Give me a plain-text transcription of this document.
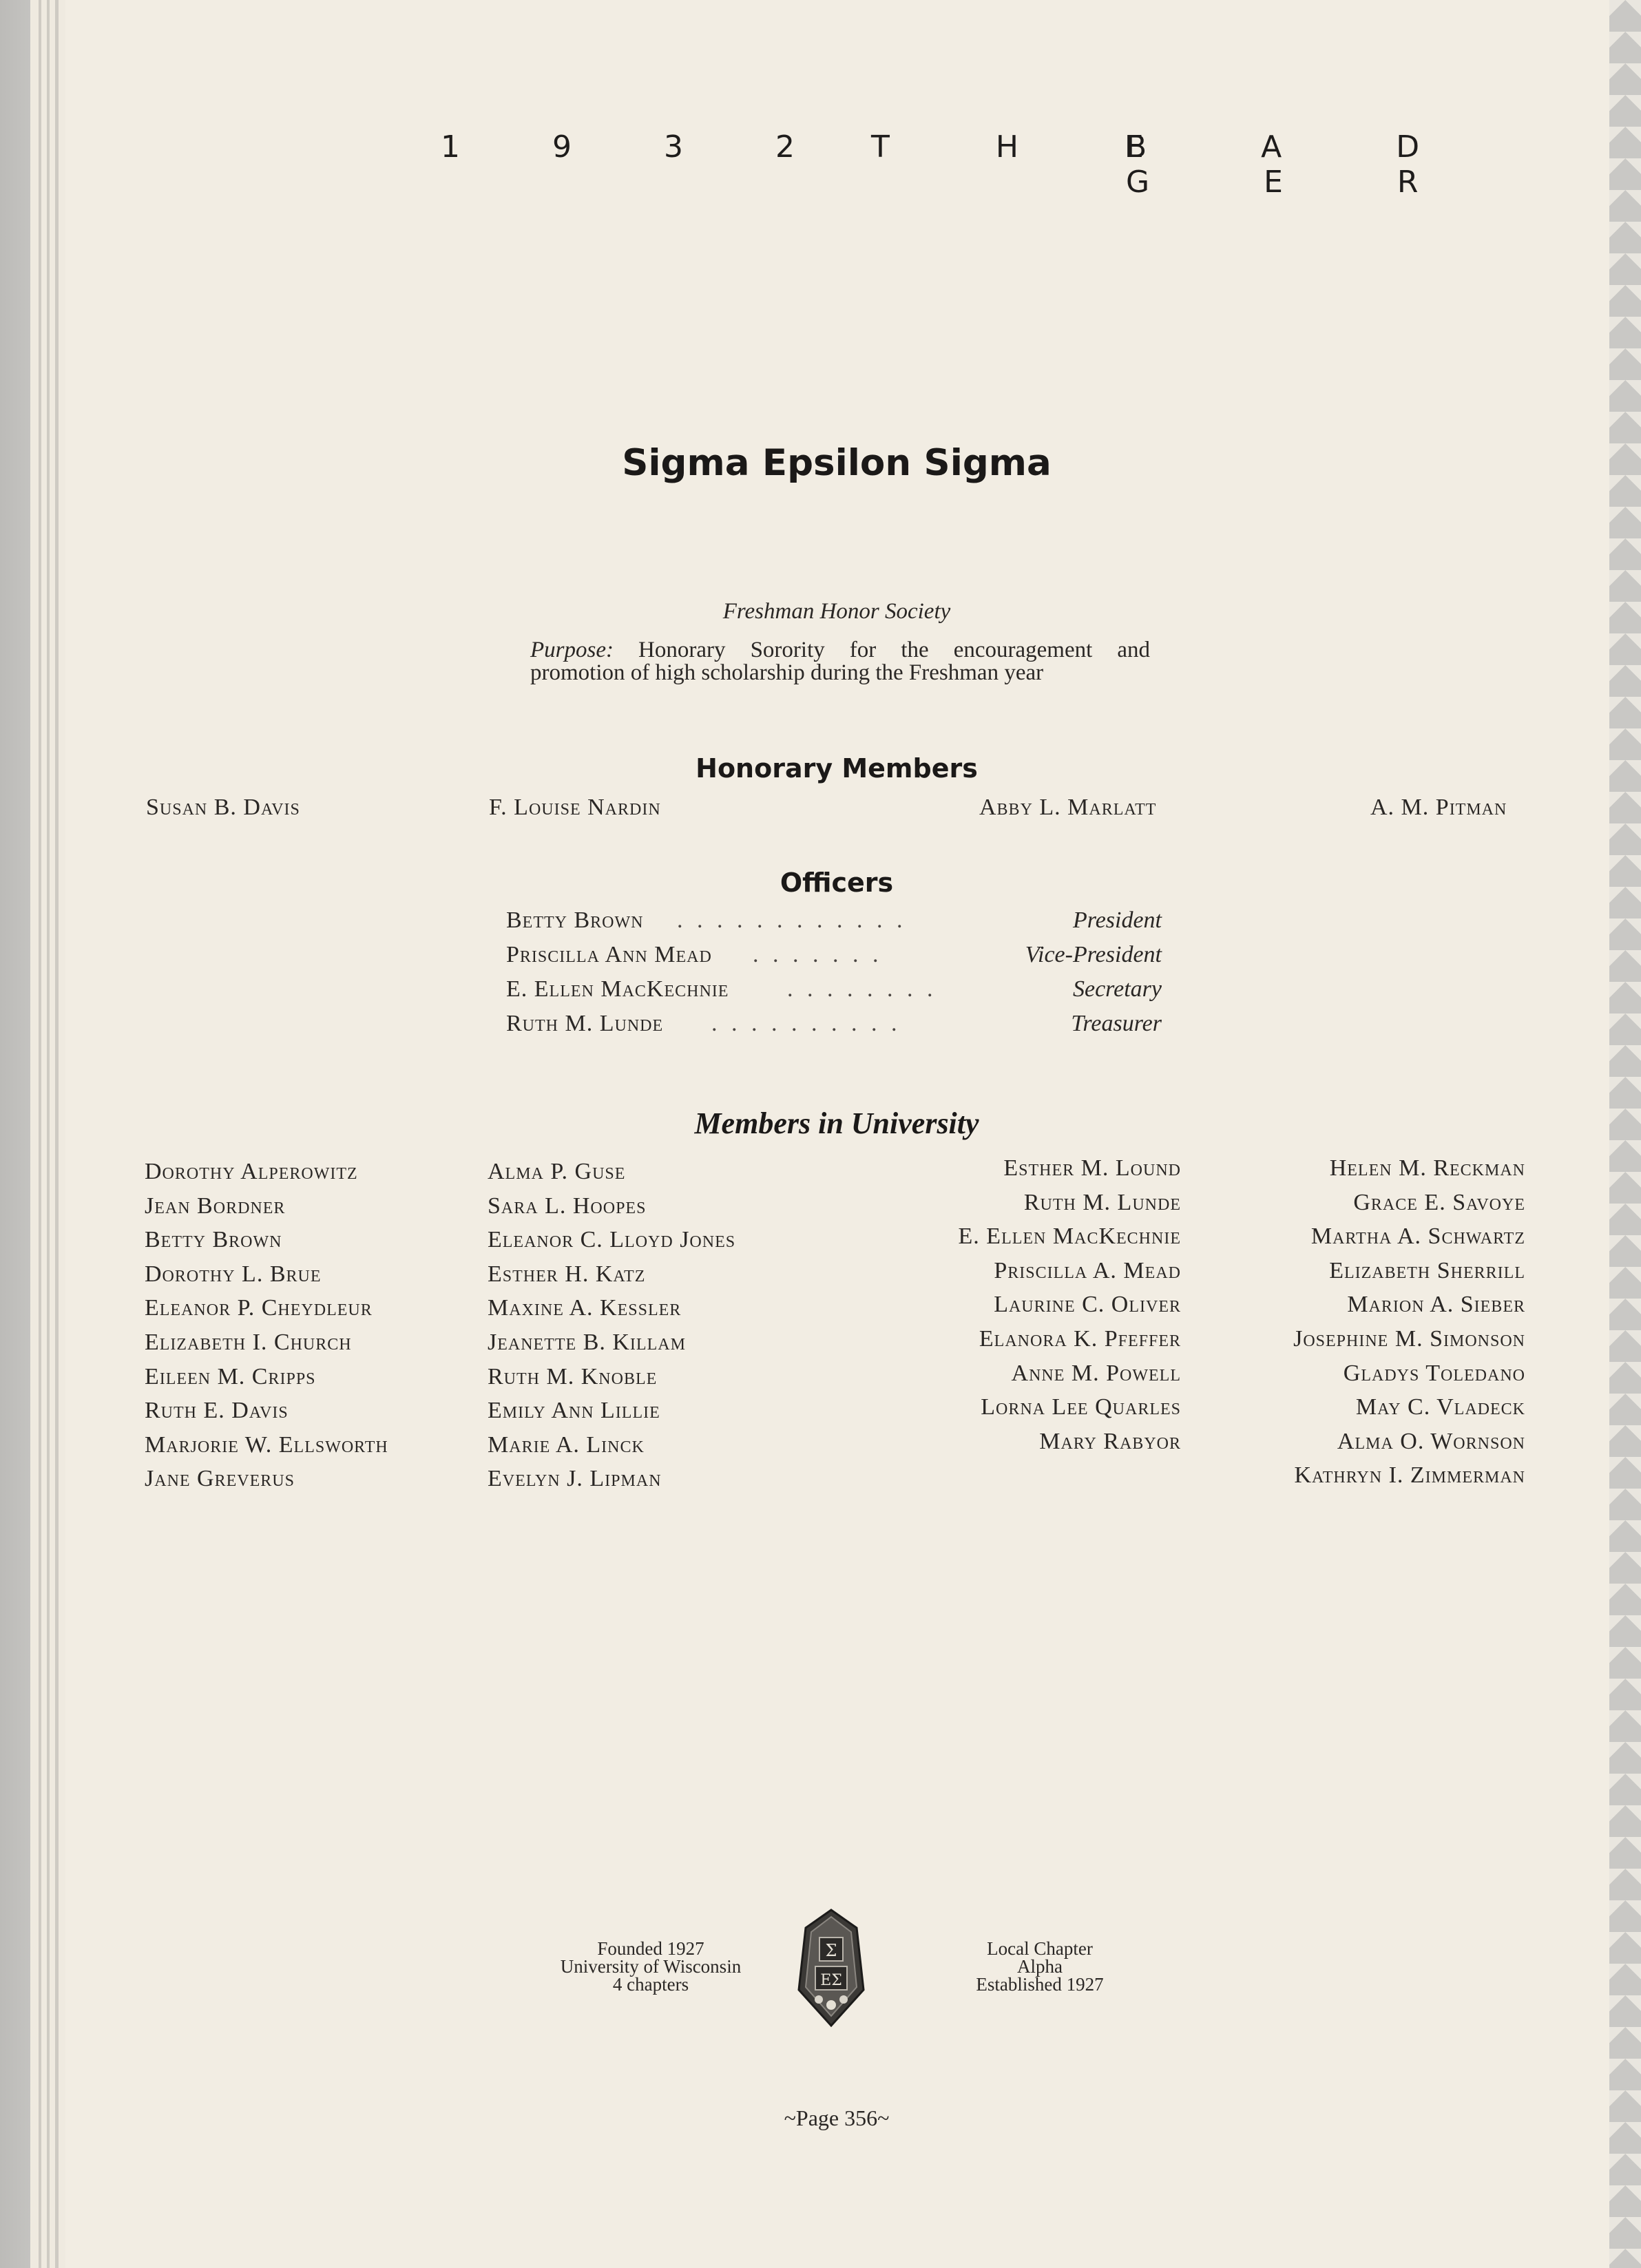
1 9 3 2 T H E
B A D G E R
Sigma Epsilon Sigma
Freshman Honor Society
Purpose: Honorary Sorority for the encouragement and
promotion of high scholarship during the Freshman year
Honorary Members
Susan B. Davis	F. Louise Nardin	Abby L. Marlatt	A. M. Pitman
Officers
Betty Brown . . . . . . . . . . . .	President
Priscilla Ann Mead . . . . . . .	Vice-President
E. Ellen MacKechnie . . . . . . . .	Secretary
Ruth M. Lunde . . . . . . . . . .	Treasurer
Members in University
Dorothy Alperowitz
Jean Bordner
Betty Brown
Dorothy L. Brue
Eleanor P. Cheydleur
Elizabeth I. Church
Eileen M. Cripps
Ruth E. Davis
Marjorie W. Ellsworth
Jane Greverus
Alma P. Guse
Sara L. Hoopes
Eleanor C. Lloyd Jones
Esther H. Katz
Maxine A. Kessler
Jeanette B. Killam
Ruth M. Knoble
Emily Ann Lillie
Marie A. Linck
Evelyn J. Lipman
Esther M. Lound
Ruth M. Lunde
E. Ellen MacKechnie
Priscilla A. Mead
Laurine C. Oliver
Elanora K. Pfeffer
Anne M. Powell
Lorna Lee Quarles
Mary Rabyor
Helen M. Reckman
Grace E. Savoye
Martha A. Schwartz
Elizabeth Sherrill
Marion A. Sieber
Josephine M. Simonson
Gladys Toledano
May C. Vladeck
Alma O. Wornson
Kathryn I. Zimmerman
Founded 1927
University of Wisconsin
4 chapters
Σ
ΕΣ
Local Chapter
Alpha
Established 1927
~Page 356~
